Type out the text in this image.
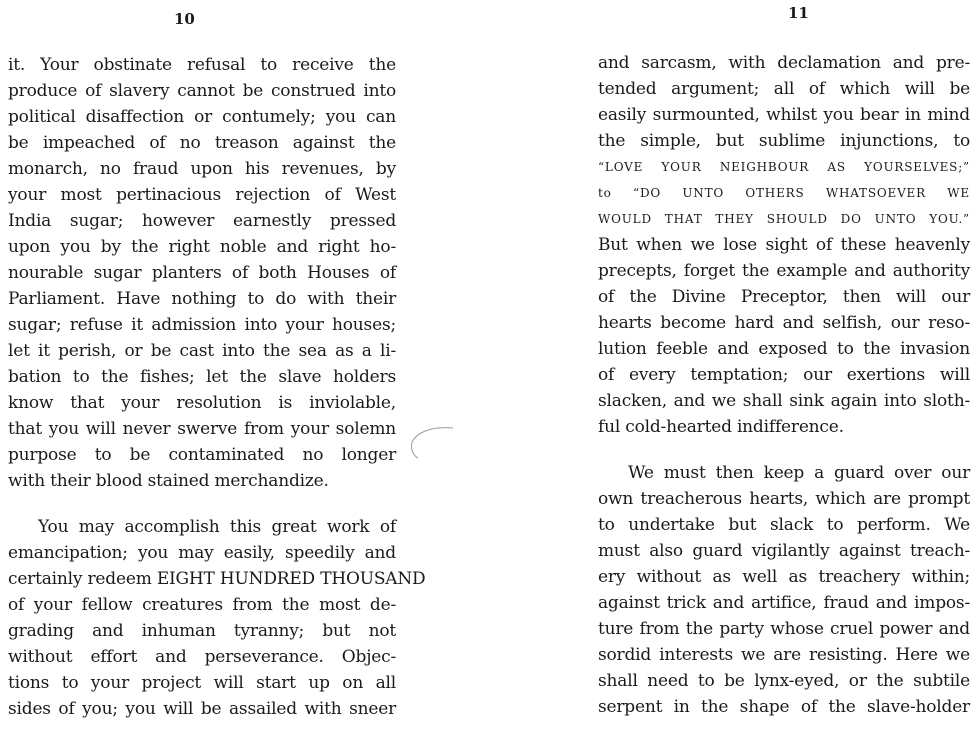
10
it. Your obstinate refusal to receive the
produce of slavery cannot be construed into
political disaffection or contumely; you can
be impeached of no treason against the
monarch, no fraud upon his revenues, by
your most pertinacious rejection of West
India sugar; however earnestly pressed
upon you by the right noble and right ho-
nourable sugar planters of both Houses of
Parliament. Have nothing to do with their
sugar; refuse it admission into your houses;
let it perish, or be cast into the sea as a li-
bation to the fishes; let the slave holders
know that your resolution is inviolable,
that you will never swerve from your solemn
purpose to be contaminated no longer
with their blood stained merchandize.
You may accomplish this great work of
emancipation; you may easily, speedily and
certainly redeem EIGHT HUNDRED THOUSAND
of your fellow creatures from the most de-
grading and inhuman tyranny; but not
without effort and perseverance. Objec-
tions to your project will start up on all
sides of you; you will be assailed with sneer
11
and sarcasm, with declamation and pre-
tended argument; all of which will be
easily surmounted, whilst you bear in mind
the simple, but sublime injunctions, to
“LOVE YOUR NEIGHBOUR AS YOURSELVES;”
to “DO UNTO OTHERS WHATSOEVER WE
WOULD THAT THEY SHOULD DO UNTO YOU.”
But when we lose sight of these heavenly
precepts, forget the example and authority
of the Divine Preceptor, then will our
hearts become hard and selfish, our reso-
lution feeble and exposed to the invasion
of every temptation; our exertions will
slacken, and we shall sink again into sloth-
ful cold-hearted indifference.
We must then keep a guard over our
own treacherous hearts, which are prompt
to undertake but slack to perform. We
must also guard vigilantly against treach-
ery without as well as treachery within;
against trick and artifice, fraud and impos-
ture from the party whose cruel power and
sordid interests we are resisting. Here we
shall need to be lynx-eyed, or the subtile
serpent in the shape of the slave-holder
